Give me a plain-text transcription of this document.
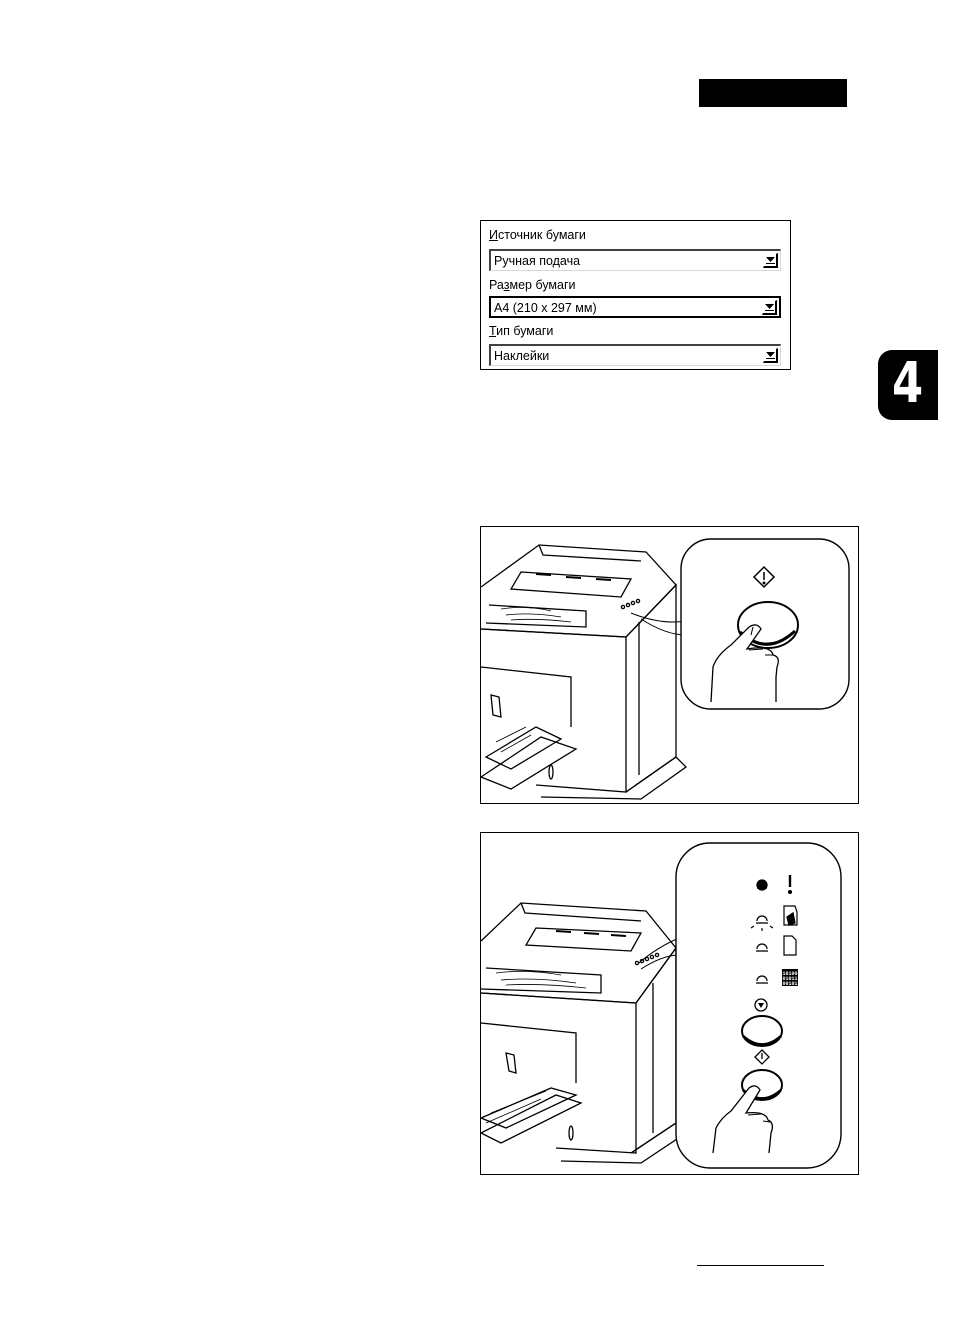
Источник бумаги
Ручная подача
Размер бумаги
A4 (210 x 297 мм)
Тип бумаги
Наклейки	4
10100
01011
00101
